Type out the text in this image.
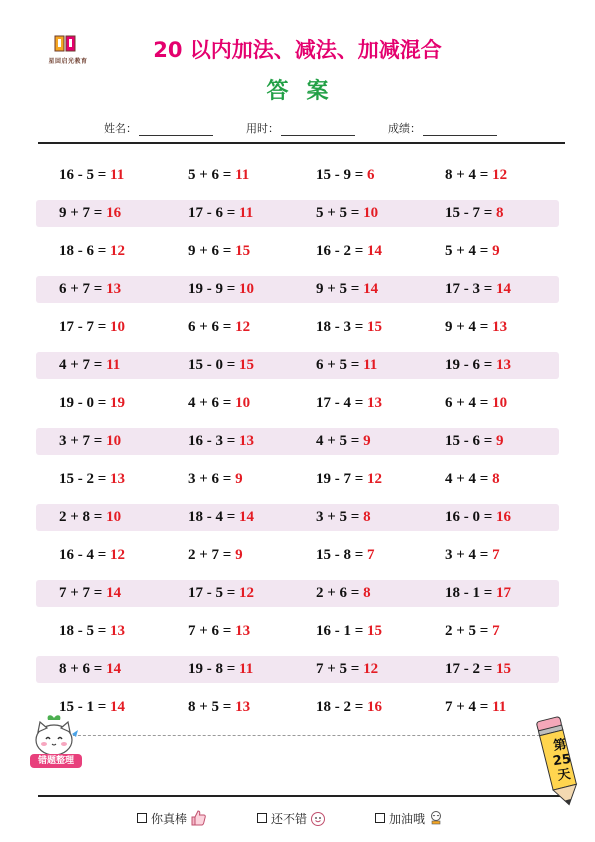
星回启光教育	20 以内加法、减法、加减混合
答案
姓名：	用时：	成绩：
16 - 5 = 11	5 + 6 = 11	15 - 9 = 6	8 + 4 = 12
9 + 7 = 16	17 - 6 = 11	5 + 5 = 10	15 - 7 = 8
18 - 6 = 12	9 + 6 = 15	16 - 2 = 14	5 + 4 = 9
6 + 7 = 13	19 - 9 = 10	9 + 5 = 14	17 - 3 = 14
17 - 7 = 10	6 + 6 = 12	18 - 3 = 15	9 + 4 = 13
4 + 7 = 11	15 - 0 = 15	6 + 5 = 11	19 - 6 = 13
19 - 0 = 19	4 + 6 = 10	17 - 4 = 13	6 + 4 = 10
3 + 7 = 10	16 - 3 = 13	4 + 5 = 9	15 - 6 = 9
15 - 2 = 13	3 + 6 = 9	19 - 7 = 12	4 + 4 = 8
2 + 8 = 10	18 - 4 = 14	3 + 5 = 8	16 - 0 = 16
16 - 4 = 12	2 + 7 = 9	15 - 8 = 7	3 + 4 = 7
7 + 7 = 14	17 - 5 = 12	2 + 6 = 8	18 - 1 = 17
18 - 5 = 13	7 + 6 = 13	16 - 1 = 15	2 + 5 = 7
8 + 6 = 14	19 - 8 = 11	7 + 5 = 12	17 - 2 = 15
15 - 1 = 14	8 + 5 = 13	18 - 2 = 16	7 + 4 = 11
错题整理
第
25
天
你真棒	还不错	加油哦
